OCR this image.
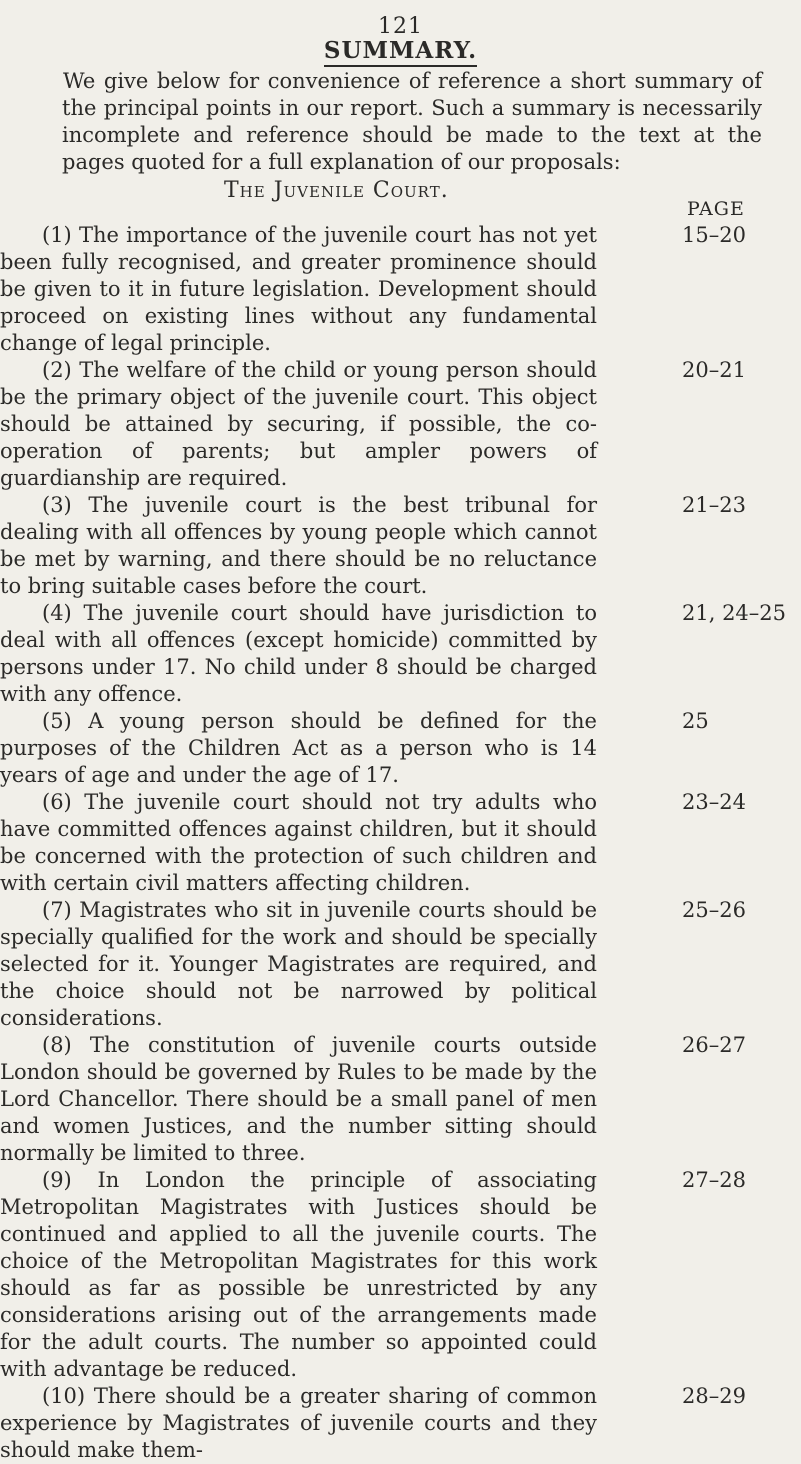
121
SUMMARY.

We give below for convenience of reference a short summary of the principal points in our report. Such a summary is necessarily incomplete and reference should be made to the text at the pages quoted for a full explanation of our proposals:

The Juvenile Court.
PAGE

(1) The importance of the juvenile court has not yet been fully recognised, and greater prominence should be given to it in future legislation. Development should proceed on existing lines without any fundamental change of legal principle.

15–20

(2) The welfare of the child or young person should be the primary object of the juvenile court. This object should be attained by securing, if possible, the co-operation of parents; but ampler powers of guardianship are required.

20–21

(3) The juvenile court is the best tribunal for dealing with all offences by young people which cannot be met by warning, and there should be no reluctance to bring suitable cases before the court.

21–23

(4) The juvenile court should have jurisdiction to deal with all offences (except homicide) committed by persons under 17. No child under 8 should be charged with any offence.

21, 24–25

(5) A young person should be defined for the purposes of the Children Act as a person who is 14 years of age and under the age of 17.

25

(6) The juvenile court should not try adults who have committed offences against children, but it should be concerned with the protection of such children and with certain civil matters affecting children.

23–24

(7) Magistrates who sit in juvenile courts should be specially qualified for the work and should be specially selected for it. Younger Magistrates are required, and the choice should not be narrowed by political considerations.

25–26

(8) The constitution of juvenile courts outside London should be governed by Rules to be made by the Lord Chancellor. There should be a small panel of men and women Justices, and the number sitting should normally be limited to three.

26–27

(9) In London the principle of associating Metropolitan Magistrates with Justices should be continued and applied to all the juvenile courts. The choice of the Metropolitan Magistrates for this work should as far as possible be unrestricted by any considerations arising out of the arrangements made for the adult courts. The number so appointed could with advantage be reduced.

27–28

(10) There should be a greater sharing of common experience by Magistrates of juvenile courts and they should make them-

28–29
